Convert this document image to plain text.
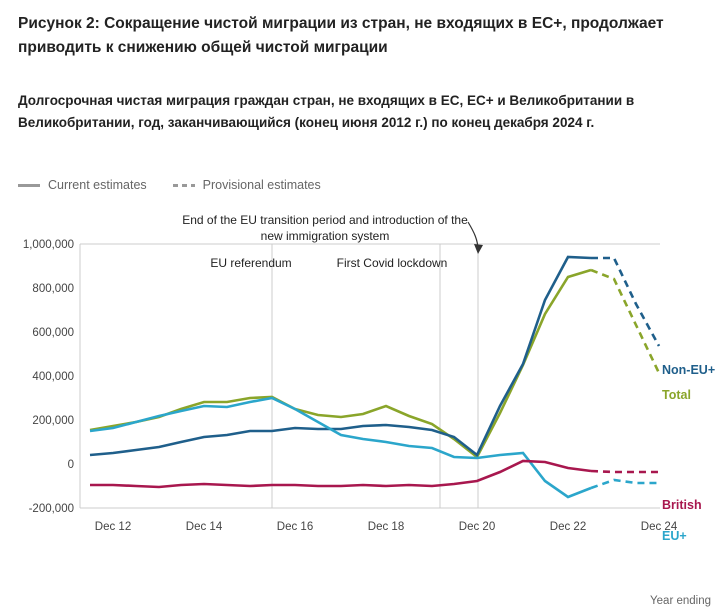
Рисунок 2: Сокращение чистой миграции из стран, не входящих в ЕС+, продолжает приводить к снижению общей чистой миграции
Долгосрочная чистая миграция граждан стран, не входящих в ЕС, ЕС+ и Великобритании в Великобритании, год, заканчивающийся (конец июня 2012 г.) по конец декабря 2024 г.
Current estimates	Provisional estimates
1,000,000
800,000
600,000
400,000
200,000
0
-200,000
Dec 12	Dec 14	Dec 16	Dec 18	Dec 20	Dec 22	Dec 24
End of the EU transition period and introduction of the new immigration system
EU referendum	First Covid lockdown
Non-EU+
Total
British
EU+
Year ending
